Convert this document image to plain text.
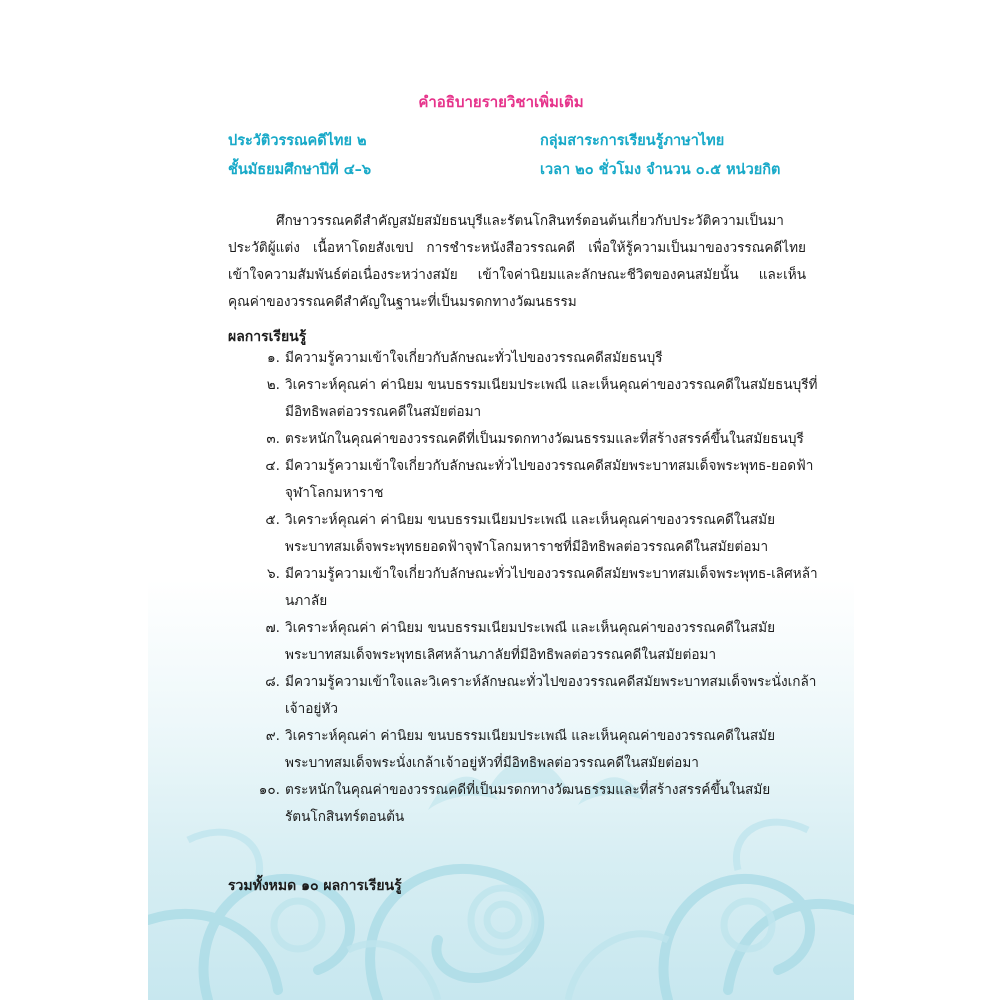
คำอธิบายรายวิชาเพิ่มเติม
ประวัติวรรณคดีไทย ๒	กลุ่มสาระการเรียนรู้ภาษาไทย
ชั้นมัธยมศึกษาปีที่ ๔–๖	เวลา ๒๐ ชั่วโมง จำนวน ๐.๕ หน่วยกิต
ศึกษาวรรณคดีสำคัญสมัยสมัยธนบุรีและรัตนโกสินทร์ตอนต้นเกี่ยวกับประวัติความเป็นมา ประวัติผู้แต่ง เนื้อหาโดยสังเขป การชำระหนังสือวรรณคดี เพื่อให้รู้ความเป็นมาของวรรณคดีไทย เข้าใจความสัมพันธ์ต่อเนื่องระหว่างสมัย เข้าใจค่านิยมและลักษณะชีวิตของคนสมัยนั้น และเห็นคุณค่าของวรรณคดีสำคัญในฐานะที่เป็นมรดกทางวัฒนธรรม
ผลการเรียนรู้
๑. มีความรู้ความเข้าใจเกี่ยวกับลักษณะทั่วไปของวรรณคดีสมัยธนบุรี
๒. วิเคราะห์คุณค่า ค่านิยม ขนบธรรมเนียมประเพณี และเห็นคุณค่าของวรรณคดีในสมัยธนบุรีที่มีอิทธิพลต่อวรรณคดีในสมัยต่อมา
๓. ตระหนักในคุณค่าของวรรณคดีที่เป็นมรดกทางวัฒนธรรมและที่สร้างสรรค์ขึ้นในสมัยธนบุรี
๔. มีความรู้ความเข้าใจเกี่ยวกับลักษณะทั่วไปของวรรณคดีสมัยพระบาทสมเด็จพระพุทธ-ยอดฟ้าจุฬาโลกมหาราช
๕. วิเคราะห์คุณค่า ค่านิยม ขนบธรรมเนียมประเพณี และเห็นคุณค่าของวรรณคดีในสมัยพระบาทสมเด็จพระพุทธยอดฟ้าจุฬาโลกมหาราชที่มีอิทธิพลต่อวรรณคดีในสมัยต่อมา
๖. มีความรู้ความเข้าใจเกี่ยวกับลักษณะทั่วไปของวรรณคดีสมัยพระบาทสมเด็จพระพุทธ-เลิศหล้านภาลัย
๗. วิเคราะห์คุณค่า ค่านิยม ขนบธรรมเนียมประเพณี และเห็นคุณค่าของวรรณคดีในสมัยพระบาทสมเด็จพระพุทธเลิศหล้านภาลัยที่มีอิทธิพลต่อวรรณคดีในสมัยต่อมา
๘. มีความรู้ความเข้าใจและวิเคราะห์ลักษณะทั่วไปของวรรณคดีสมัยพระบาทสมเด็จพระนั่งเกล้าเจ้าอยู่หัว
๙. วิเคราะห์คุณค่า ค่านิยม ขนบธรรมเนียมประเพณี และเห็นคุณค่าของวรรณคดีในสมัยพระบาทสมเด็จพระนั่งเกล้าเจ้าอยู่หัวที่มีอิทธิพลต่อวรรณคดีในสมัยต่อมา
๑๐. ตระหนักในคุณค่าของวรรณคดีที่เป็นมรดกทางวัฒนธรรมและที่สร้างสรรค์ขึ้นในสมัยรัตนโกสินทร์ตอนต้น
รวมทั้งหมด ๑๐ ผลการเรียนรู้
